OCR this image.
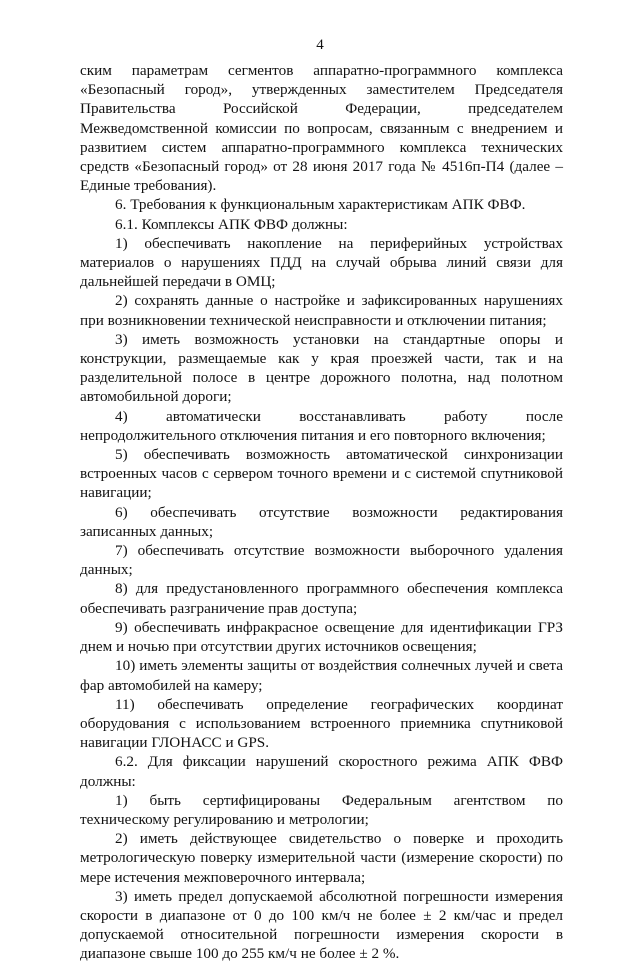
4

ским параметрам сегментов аппаратно-программного комплекса «Безопасный город», утвержденных заместителем Председателя Правительства Российской Федерации, председателем Межведомственной комиссии по вопросам, связанным с внедрением и развитием систем аппаратно-программного комплекса технических средств «Безопасный город» от 28 июня 2017 года № 4516п-П4 (далее – Единые требования).

6. Требования к функциональным характеристикам АПК ФВФ.

6.1. Комплексы АПК ФВФ должны:

1) обеспечивать накопление на периферийных устройствах материалов о нарушениях ПДД на случай обрыва линий связи для дальнейшей передачи в ОМЦ;

2) сохранять данные о настройке и зафиксированных нарушениях при возникновении технической неисправности и отключении питания;

3) иметь возможность установки на стандартные опоры и конструкции, размещаемые как у края проезжей части, так и на разделительной полосе в центре дорожного полотна, над полотном автомобильной дороги;

4) автоматически восстанавливать работу после непродолжительного отключения питания и его повторного включения;

5) обеспечивать возможность автоматической синхронизации встроенных часов с сервером точного времени и с системой спутниковой навигации;

6) обеспечивать отсутствие возможности редактирования записанных данных;

7) обеспечивать отсутствие возможности выборочного удаления данных;

8) для предустановленного программного обеспечения комплекса обеспечивать разграничение прав доступа;

9) обеспечивать инфракрасное освещение для идентификации ГРЗ днем и ночью при отсутствии других источников освещения;

10) иметь элементы защиты от воздействия солнечных лучей и света фар автомобилей на камеру;

11) обеспечивать определение географических координат оборудования с использованием встроенного приемника спутниковой навигации ГЛОНАСС и GPS.

6.2. Для фиксации нарушений скоростного режима АПК ФВФ должны:

1) быть сертифицированы Федеральным агентством по техническому регулированию и метрологии;

2) иметь действующее свидетельство о поверке и проходить метрологическую поверку измерительной части (измерение скорости) по мере истечения межповерочного интервала;

3) иметь предел допускаемой абсолютной погрешности измерения скорости в диапазоне от 0 до 100 км/ч не более ± 2 км/час и предел допускаемой относительной погрешности измерения скорости в диапазоне свыше 100 до 255 км/ч не более ± 2 %.
